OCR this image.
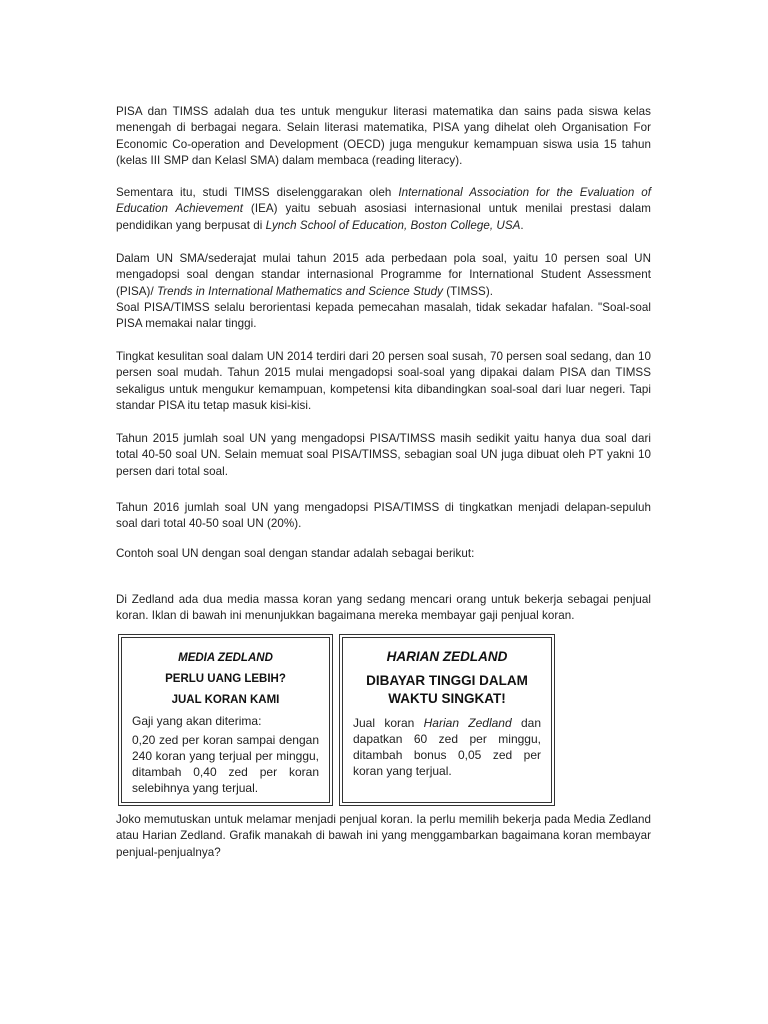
PISA dan TIMSS adalah dua tes untuk mengukur literasi matematika dan sains pada siswa kelas menengah di berbagai negara. Selain literasi matematika, PISA yang dihelat oleh Organisation For Economic Co-operation and Development (OECD) juga mengukur kemampuan siswa usia 15 tahun (kelas III SMP dan Kelasl SMA) dalam membaca (reading literacy).

Sementara itu, studi TIMSS diselenggarakan oleh International Association for the Evaluation of Education Achievement (IEA) yaitu sebuah asosiasi internasional untuk menilai prestasi dalam pendidikan yang berpusat di Lynch School of Education, Boston College, USA.

Dalam UN SMA/sederajat mulai tahun 2015 ada perbedaan pola soal, yaitu 10 persen soal UN mengadopsi soal dengan standar internasional Programme for International Student Assessment (PISA)/ Trends in International Mathematics and Science Study (TIMSS).
Soal PISA/TIMSS selalu berorientasi kepada pemecahan masalah, tidak sekadar hafalan. "Soal-soal PISA memakai nalar tinggi.

Tingkat kesulitan soal dalam UN 2014 terdiri dari 20 persen soal susah, 70 persen soal sedang, dan 10 persen soal mudah. Tahun 2015 mulai mengadopsi soal-soal yang dipakai dalam PISA dan TIMSS sekaligus untuk mengukur kemampuan, kompetensi kita dibandingkan soal-soal dari luar negeri. Tapi standar PISA itu tetap masuk kisi-kisi.

Tahun 2015 jumlah soal UN yang mengadopsi PISA/TIMSS masih sedikit yaitu hanya dua soal dari total 40-50 soal UN. Selain memuat soal PISA/TIMSS, sebagian soal UN juga dibuat oleh PT yakni 10 persen dari total soal.

Tahun 2016 jumlah soal UN yang mengadopsi PISA/TIMSS di tingkatkan menjadi delapan-sepuluh soal dari total 40-50 soal UN (20%).

Contoh soal UN dengan soal dengan standar adalah sebagai berikut:

Di Zedland ada dua media massa koran yang sedang mencari orang untuk bekerja sebagai penjual koran. Iklan di bawah ini menunjukkan bagaimana mereka membayar gaji penjual koran.

MEDIA ZEDLAND
PERLU UANG LEBIH?
JUAL KORAN KAMI
Gaji yang akan diterima:
0,20 zed per koran sampai dengan 240 koran yang terjual per minggu, ditambah 0,40 zed per koran selebihnya yang terjual.
HARIAN ZEDLAND
DIBAYAR TINGGI DALAM
WAKTU SINGKAT!
Jual koran Harian Zedland dan dapatkan 60 zed per minggu, ditambah bonus 0,05 zed per koran yang terjual.

Joko memutuskan untuk melamar menjadi penjual koran. Ia perlu memilih bekerja pada Media Zedland atau Harian Zedland. Grafik manakah di bawah ini yang menggambarkan bagaimana koran membayar penjual-penjualnya?
